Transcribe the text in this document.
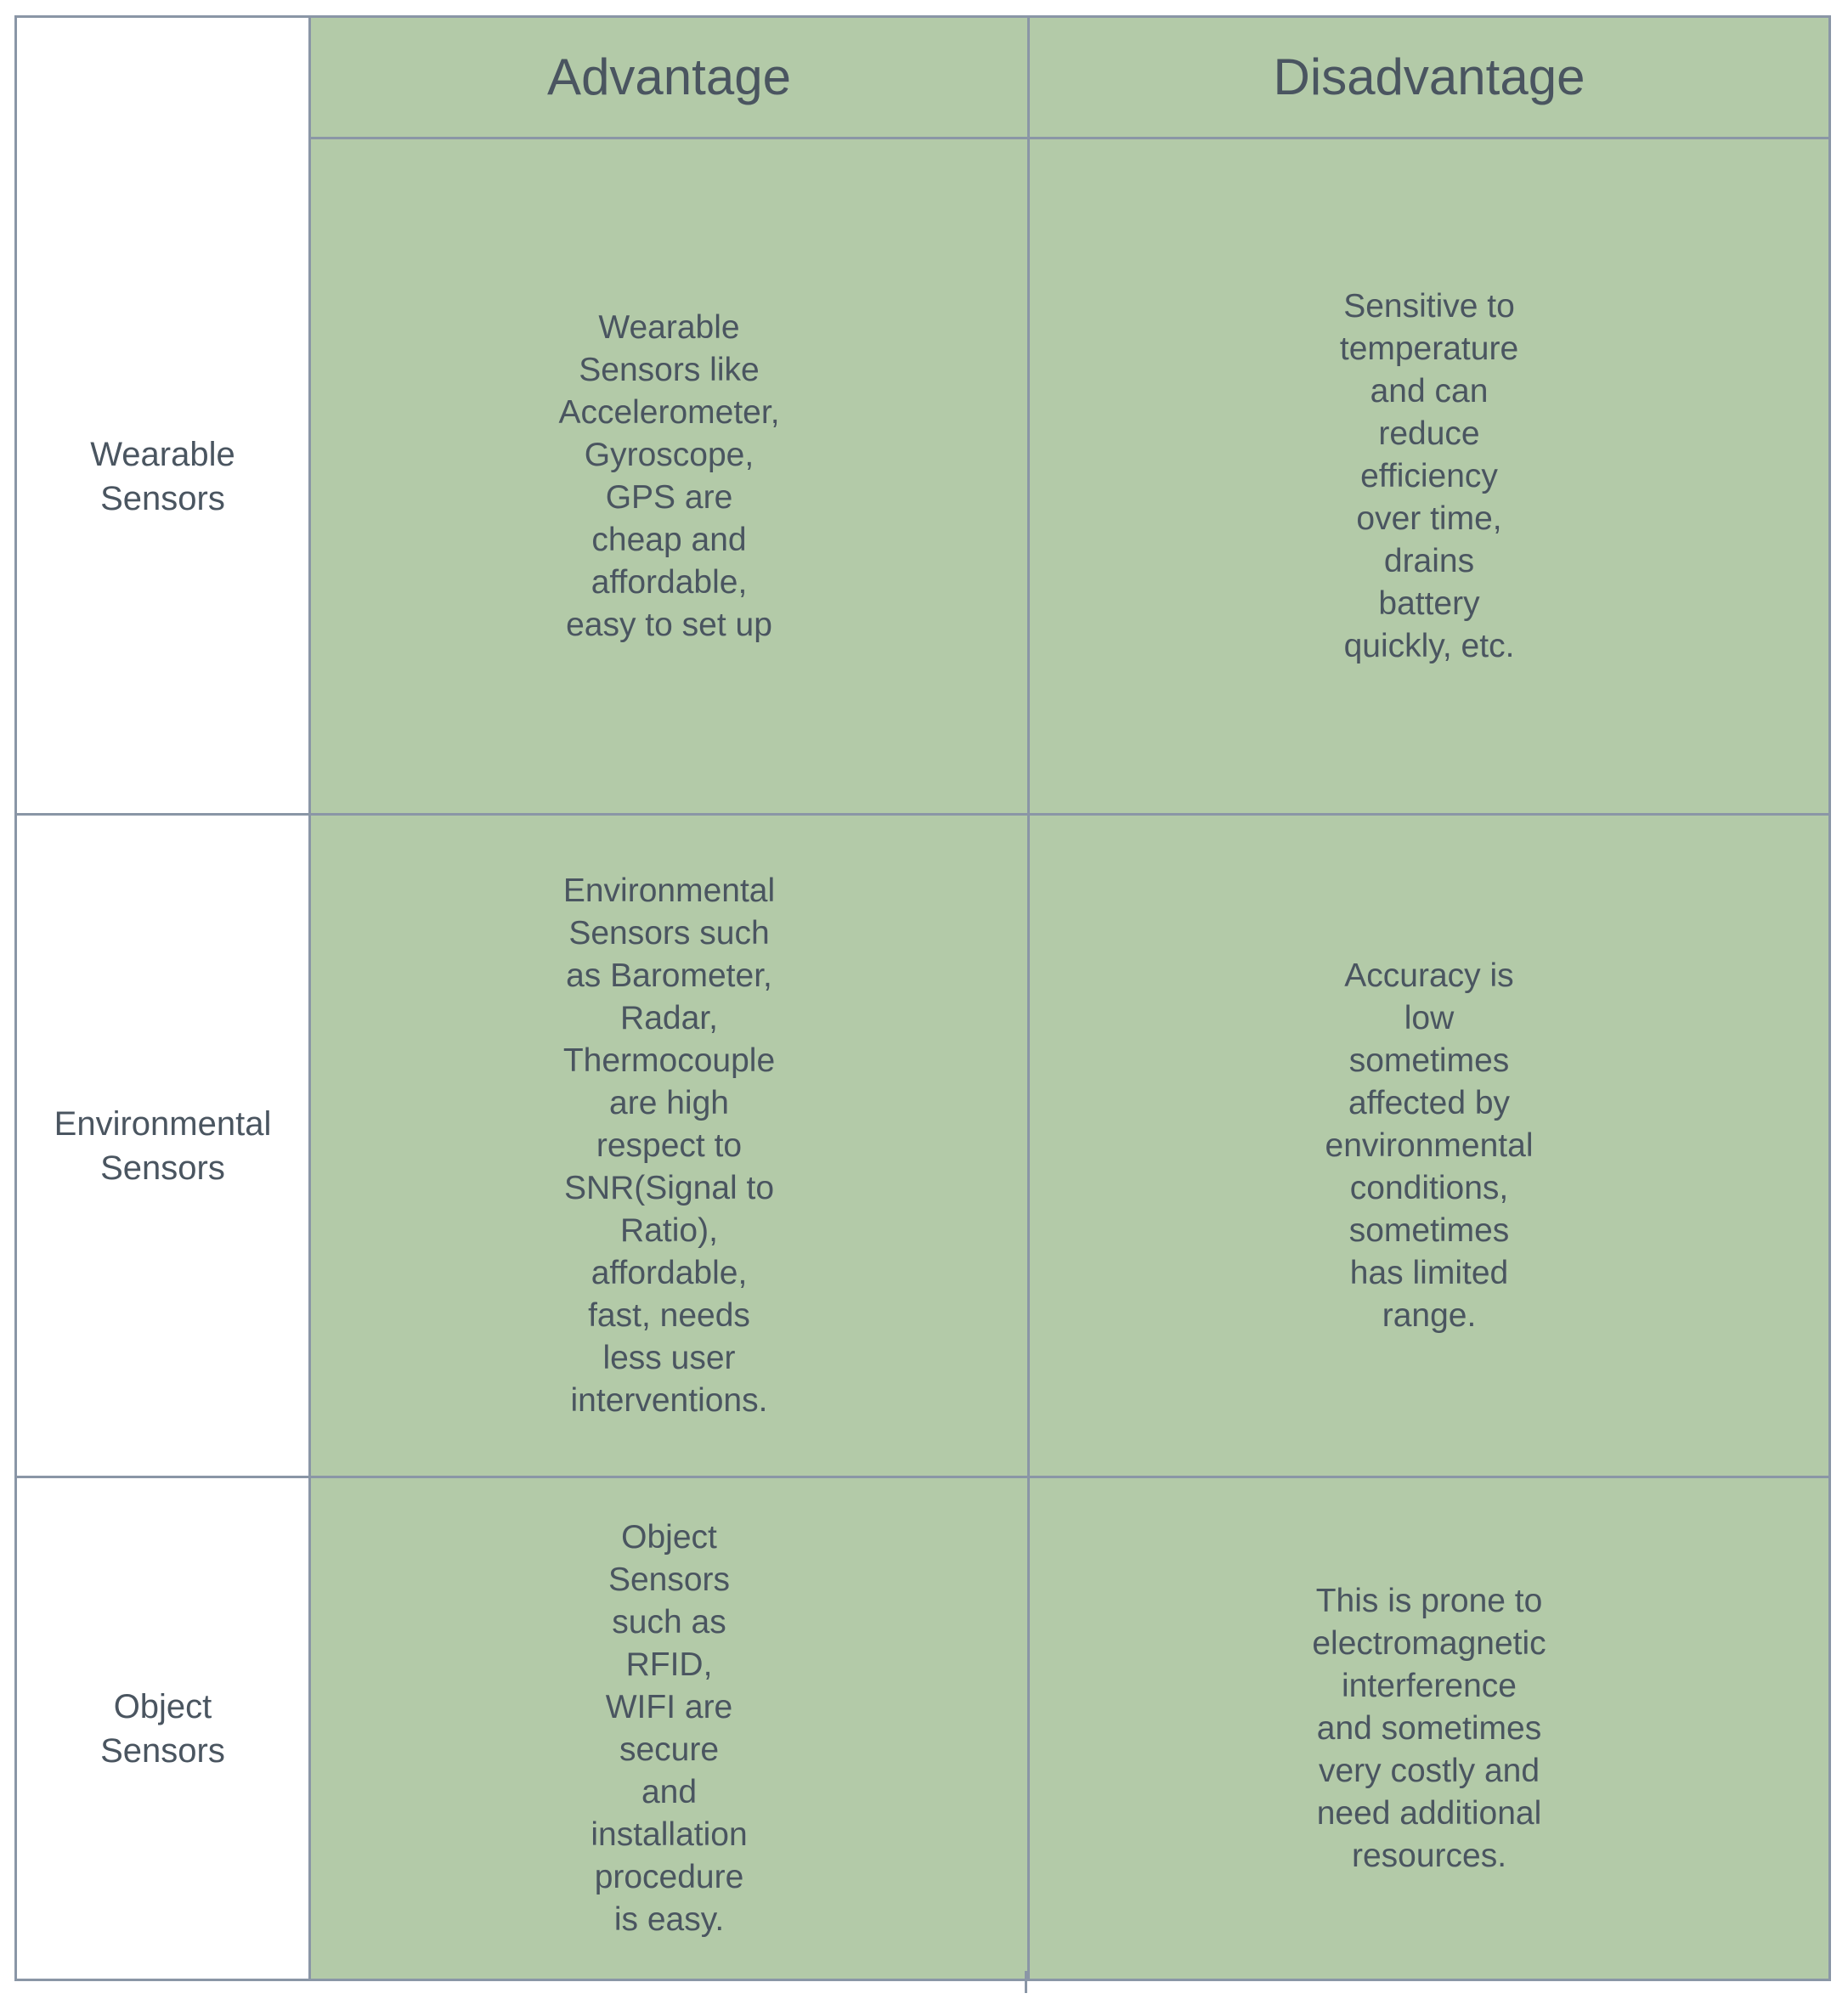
Advantage	Disadvantage
Wearable
Sensors
Wearable
Sensors like
Accelerometer,
Gyroscope,
GPS are
cheap and
affordable,
easy to set up
Sensitive to
temperature
and can
reduce
efficiency
over time,
drains
battery
quickly, etc.
Environmental
Sensors
Environmental
Sensors such
as Barometer,
Radar,
Thermocouple
are high
respect to
SNR(Signal to
Ratio),
affordable,
fast, needs
less user
interventions.
Accuracy is
low
sometimes
affected by
environmental
conditions,
sometimes
has limited
range.
Object
Sensors
Object
Sensors
such as
RFID,
WIFI are
secure
and
installation
procedure
is easy.
This is prone to
electromagnetic
interference
and sometimes
very costly and
need additional
resources.
